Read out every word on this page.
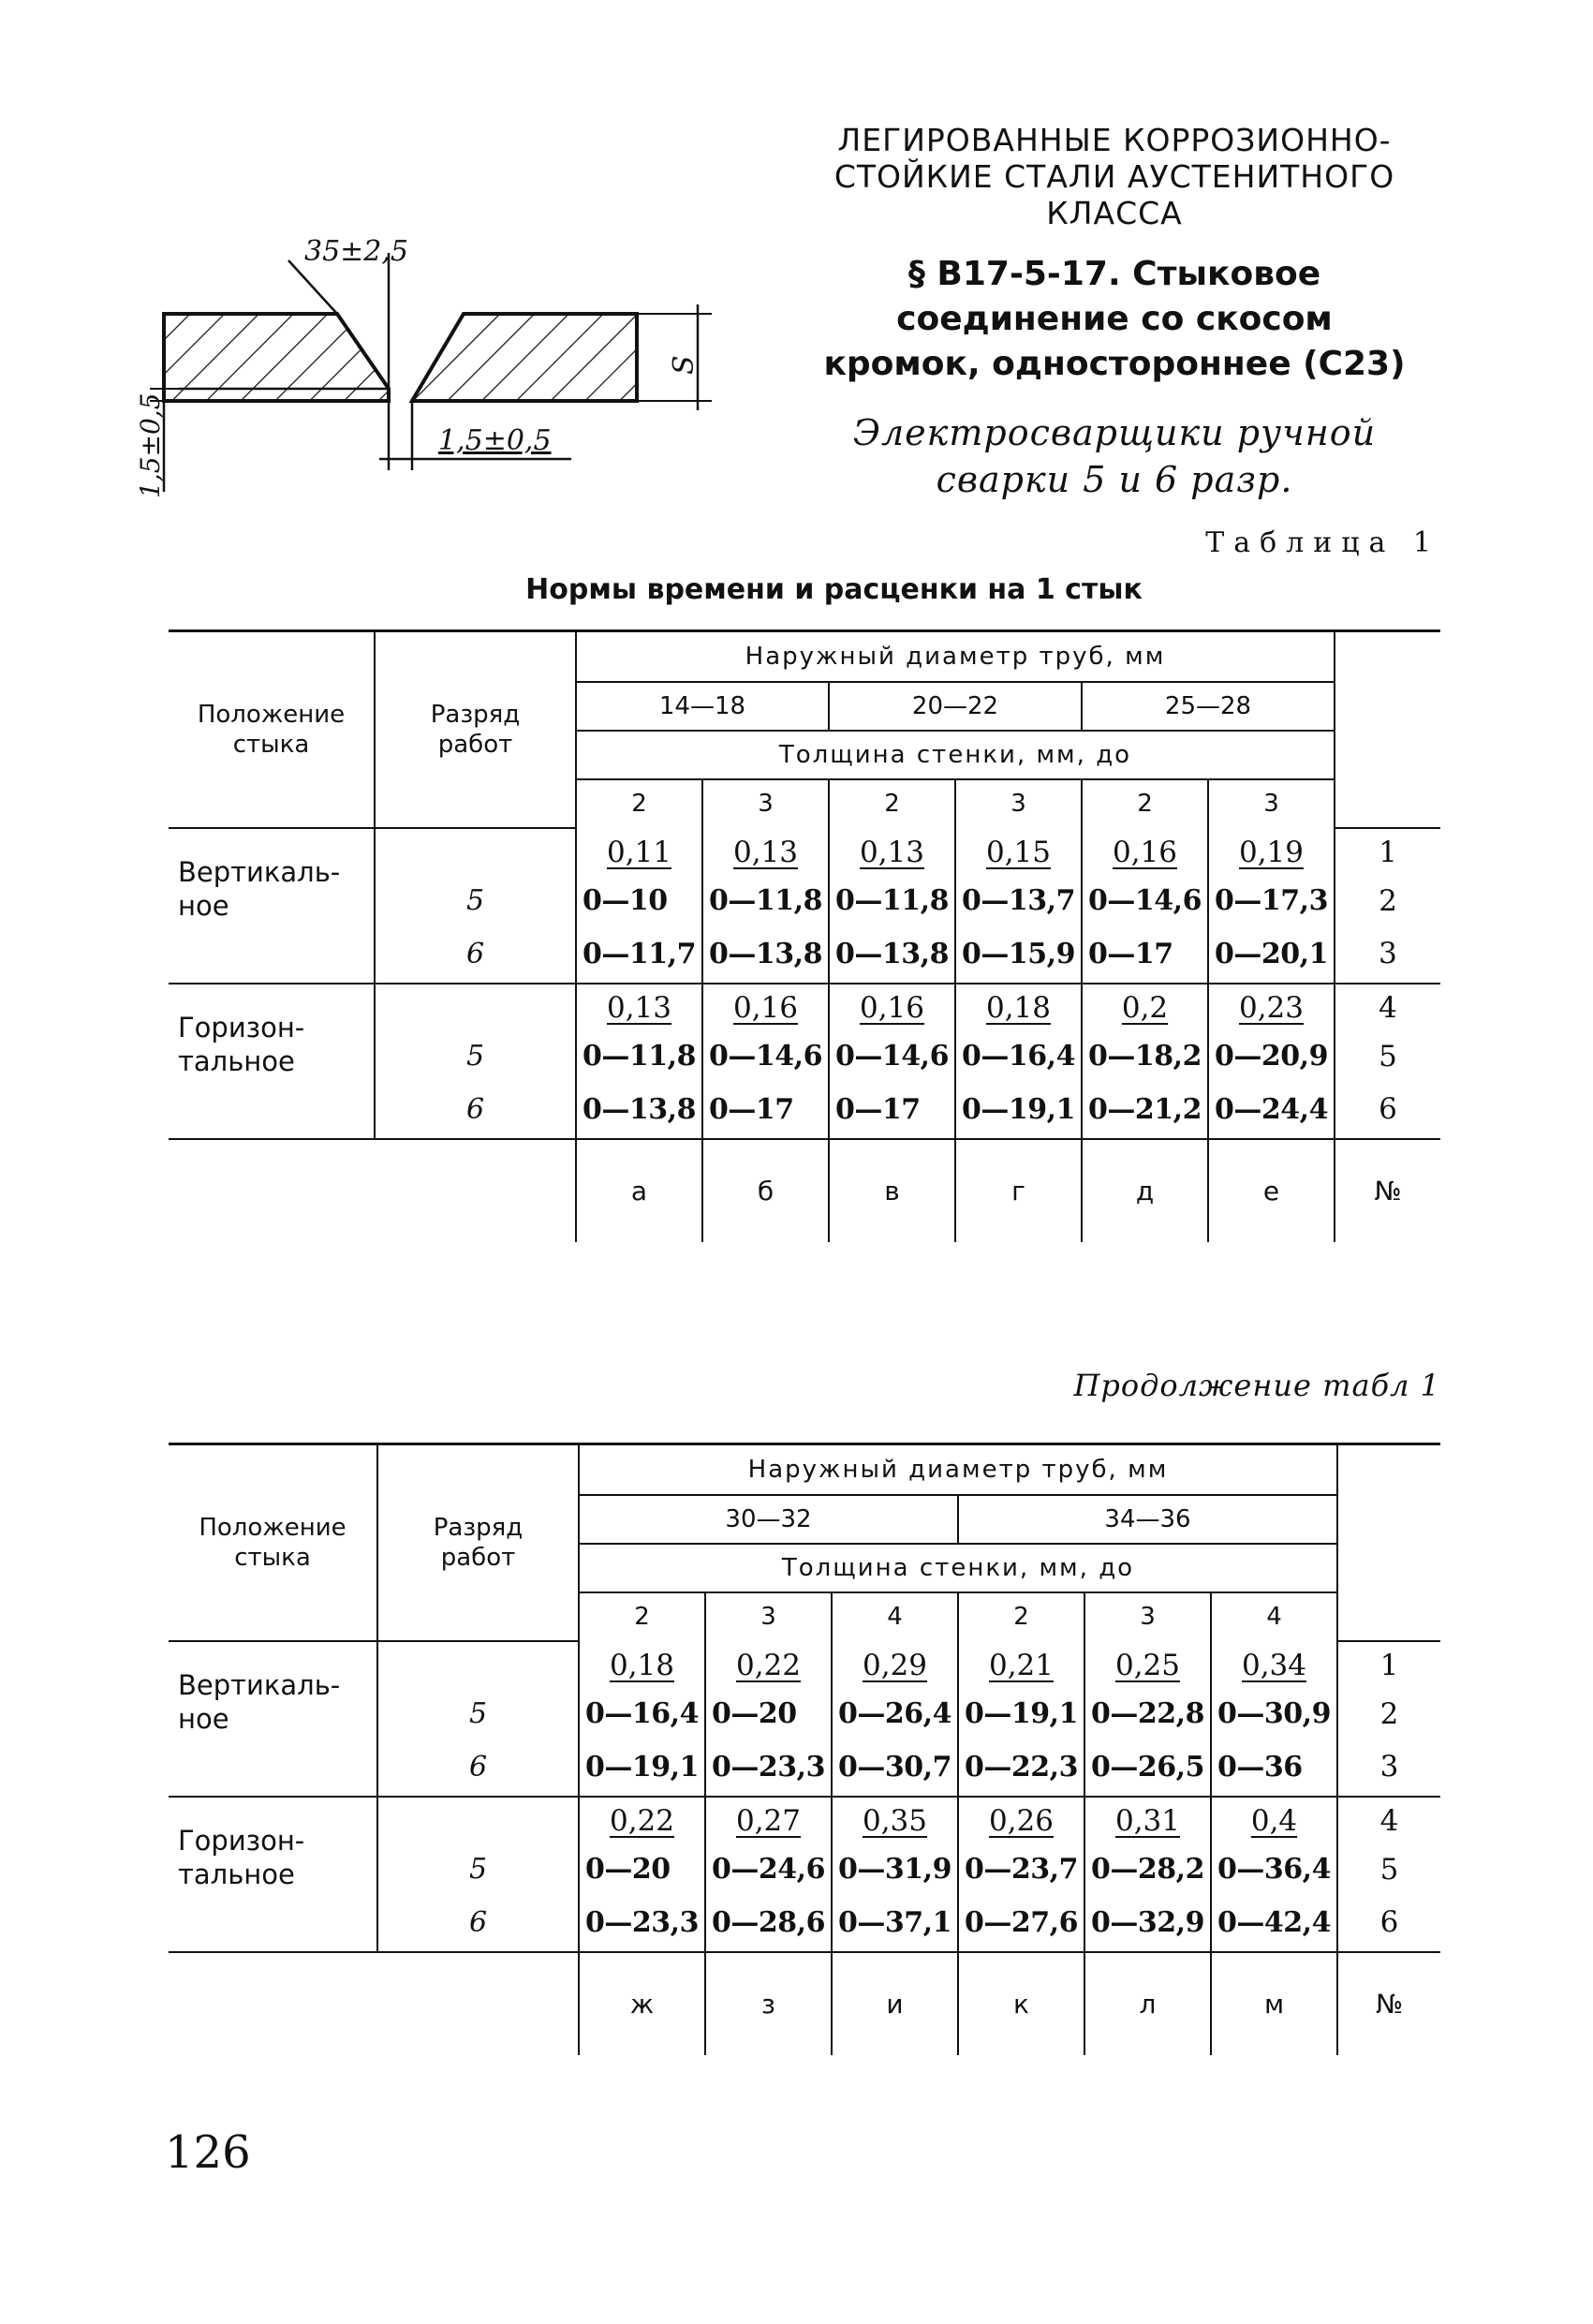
ЛЕГИРОВАННЫЕ КОРРОЗИОННО-СТОЙКИЕ СТАЛИ АУСТЕНИТНОГО КЛАССА
§ В17-5-17. Стыковое соединение со скосом кромок, одностороннее (С23)
Электросварщики ручной сварки 5 и 6 разр.
35±2,5
S
1,5±0,5	1,5±0,5
Таблица 1
Нормы времени и расценки на 1 стык
Положение стыка	Разряд работ	Наружный диаметр труб, мм						
		14—18		20—22		25—28		
		Толщина стенки, мм, до						
		2	3	2	3	2	3	
Вертикаль-ное		0,11	0,13	0,13	0,15	0,16	0,19	1
	5	0—10	0—11,8	0—11,8	0—13,7	0—14,6	0—17,3	2
	6	0—11,7	0—13,8	0—13,8	0—15,9	0—17	0—20,1	3
Горизон-тальное		0,13	0,16	0,16	0,18	0,2	0,23	4
	5	0—11,8	0—14,6	0—14,6	0—16,4	0—18,2	0—20,9	5
	6	0—13,8	0—17	0—17	0—19,1	0—21,2	0—24,4	6
		а	б	в	г	д	е	№
Положение стыка	Разряд работ	Наружный диаметр труб, мм						
		30—32			34—36			
		Толщина стенки, мм, до						
		2	3	4	2	3	4	
Вертикаль-ное		0,18	0,22	0,29	0,21	0,25	0,34	1
	5	0—16,4	0—20	0—26,4	0—19,1	0—22,8	0—30,9	2
	6	0—19,1	0—23,3	0—30,7	0—22,3	0—26,5	0—36	3
Горизон-тальное		0,22	0,27	0,35	0,26	0,31	0,4	4
	5	0—20	0—24,6	0—31,9	0—23,7	0—28,2	0—36,4	5
	6	0—23,3	0—28,6	0—37,1	0—27,6	0—32,9	0—42,4	6
		ж	з	и	к	л	м	№
Продолжение табл 1
126
